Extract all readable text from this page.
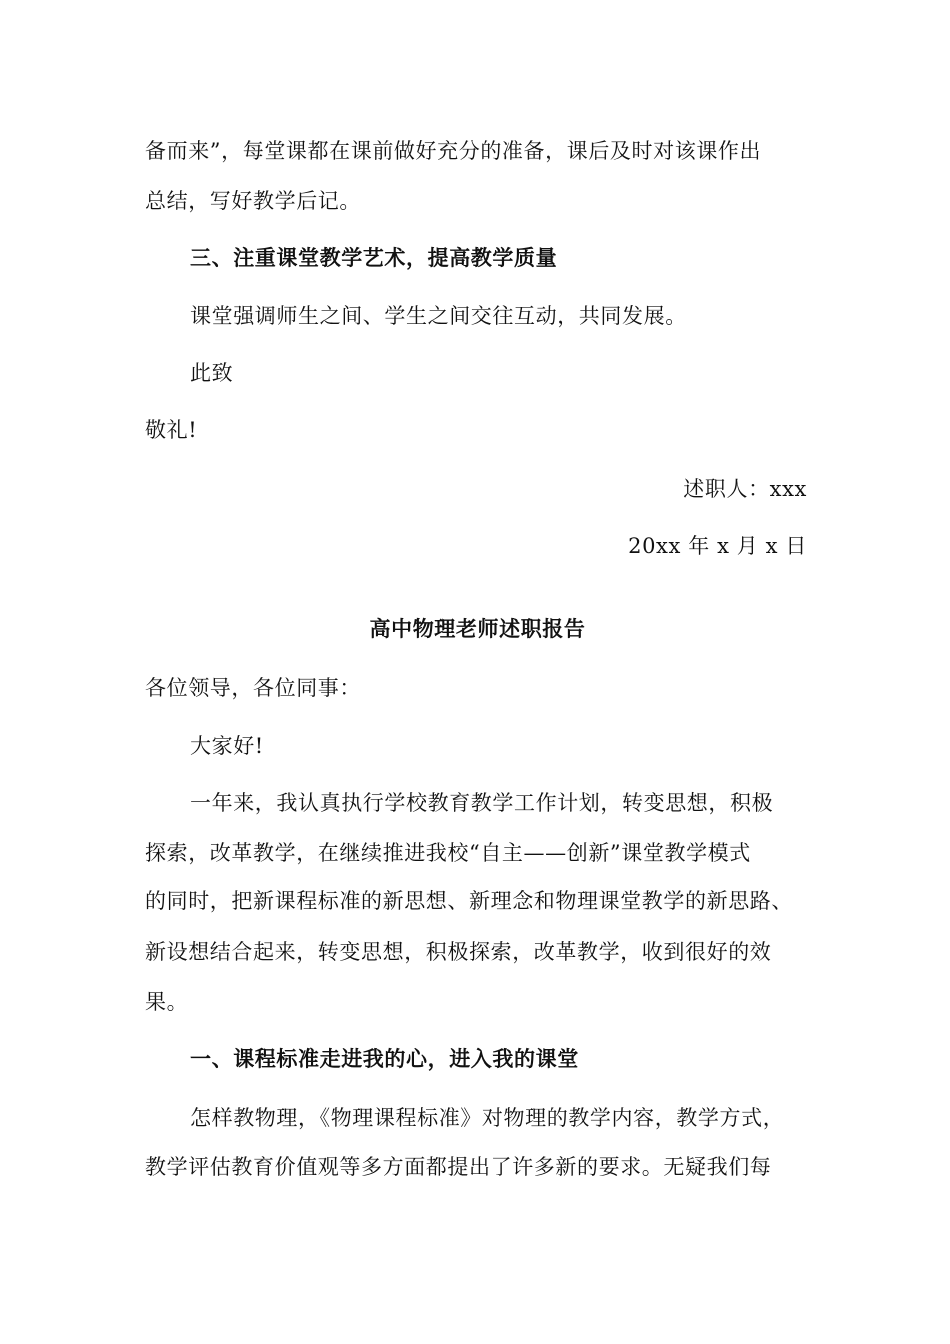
备而来”，每堂课都在课前做好充分的准备，课后及时对该课作出
总结，写好教学后记。
三、注重课堂教学艺术，提高教学质量
课堂强调师生之间、学生之间交往互动，共同发展。
此致
敬礼!
述职人：xxx
20xx 年 x 月 x 日
高中物理老师述职报告
各位领导，各位同事：
大家好!
一年来，我认真执行学校教育教学工作计划，转变思想，积极
探索，改革教学，在继续推进我校“自主——创新”课堂教学模式
的同时，把新课程标准的新思想、新理念和物理课堂教学的新思路、
新设想结合起来，转变思想，积极探索，改革教学，收到很好的效
果。
一、课程标准走进我的心，进入我的课堂
怎样教物理，《物理课程标准》对物理的教学内容，教学方式，
教学评估教育价值观等多方面都提出了许多新的要求。无疑我们每
